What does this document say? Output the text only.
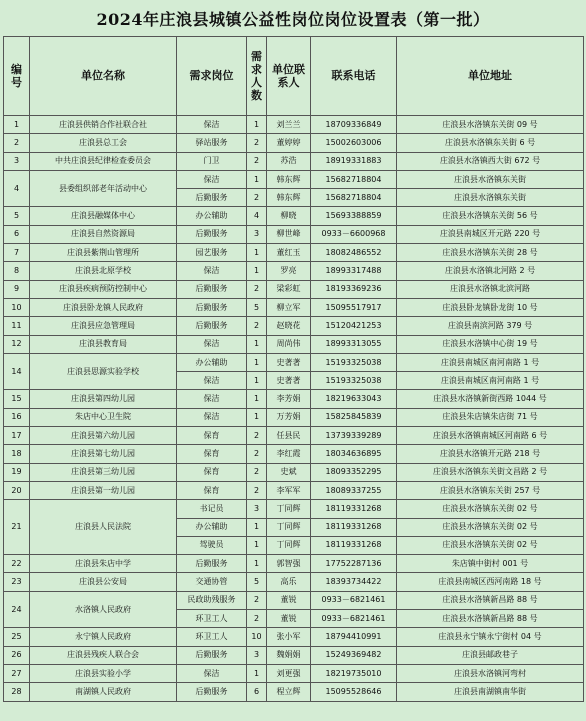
2024年庄浪县城镇公益性岗位岗位设置表（第一批）
编号	单位名称	需求岗位	需求人数	单位联系人	联系电话	单位地址
1	庄浪县供销合作社联合社	保洁	1	刘兰兰	18709336849	庄浪县水洛镇东关街 09 号
2	庄浪县总工会	驿站服务	2	董婷婷	15002603006	庄浪县水洛镇东关街 6 号
3	中共庄浪县纪律检查委员会	门卫	2	苏浩	18919331883	庄浪县水洛镇西大街 672 号
4	县委组织部老年活动中心	保洁	1	韩东辉	15682718804	庄浪县水洛镇东关街
		后勤服务	2	韩东辉	15682718804	庄浪县水洛镇东关街
5	庄浪县融媒体中心	办公辅助	4	柳晓	15693388859	庄浪县水洛镇东关街 56 号
6	庄浪县自然资源局	后勤服务	3	柳世峰	0933－6600968	庄浪县南城区开元路 220 号
7	庄浪县紫荆山管理所	园艺服务	1	董红玉	18082486552	庄浪县水洛镇东关街 28 号
8	庄浪县北原学校	保洁	1	罗亮	18993317488	庄浪县水洛镇北河路 2 号
9	庄浪县疾病预防控制中心	后勤服务	2	梁彩虹	18193369236	庄浪县水洛镇北滨河路
10	庄浪县卧龙镇人民政府	后勤服务	5	柳立军	15095517917	庄浪县卧龙镇卧龙街 10 号
11	庄浪县应急管理局	后勤服务	2	赵晓花	15120421253	庄浪县南滨河路 379 号
12	庄浪县教育局	保洁	1	周尚伟	18993313055	庄浪县水洛镇中心街 19 号
14	庄浪县思源实验学校	办公辅助	1	史著著	15193325038	庄浪县南城区南河南路 1 号
		保洁	1	史著著	15193325038	庄浪县南城区南河南路 1 号
15	庄浪县第四幼儿园	保洁	1	李芳娟	18219633043	庄浪县水洛镇新街西路 1044 号
16	朱店中心卫生院	保洁	1	万芳娟	15825845839	庄浪县朱店镇朱店街 71 号
17	庄浪县第六幼儿园	保育	2	任县民	13739339289	庄浪县水洛镇南城区河南路 6 号
18	庄浪县第七幼儿园	保育	2	李红霞	18034636895	庄浪县水洛镇开元路 218 号
19	庄浪县第三幼儿园	保育	2	史斌	18093352295	庄浪县水洛镇东关街文昌路 2 号
20	庄浪县第一幼儿园	保育	2	李军军	18089337255	庄浪县水洛镇东关街 257 号
21	庄浪县人民法院	书记员	3	丁同辉	18119331268	庄浪县水洛镇东关街 02 号
		办公辅助	1	丁同辉	18119331268	庄浪县水洛镇东关街 02 号
		驾驶员	1	丁同辉	18119331268	庄浪县水洛镇东关街 02 号
22	庄浪县朱店中学	后勤服务	1	郭智强	17752287136	朱店镇中街村 001 号
23	庄浪县公安局	交通协管	5	高乐	18393734422	庄浪县南城区西河南路 18 号
24	水洛镇人民政府	民政助残服务	2	董锐	0933－6821461	庄浪县水洛镇新昌路 88 号
		环卫工人	2	董锐	0933－6821461	庄浪县水洛镇新昌路 88 号
25	永宁镇人民政府	环卫工人	10	张小军	18794410991	庄浪县永宁镇永宁街村 04 号
26	庄浪县残疾人联合会	后勤服务	3	魏娟娟	15249369482	庄浪县邮政巷子
27	庄浪县实验小学	保洁	1	刘更强	18219735010	庄浪县水洛镇河弯村
28	南湖镇人民政府	后勤服务	6	程立辉	15095528646	庄浪县南湖镇南华街
